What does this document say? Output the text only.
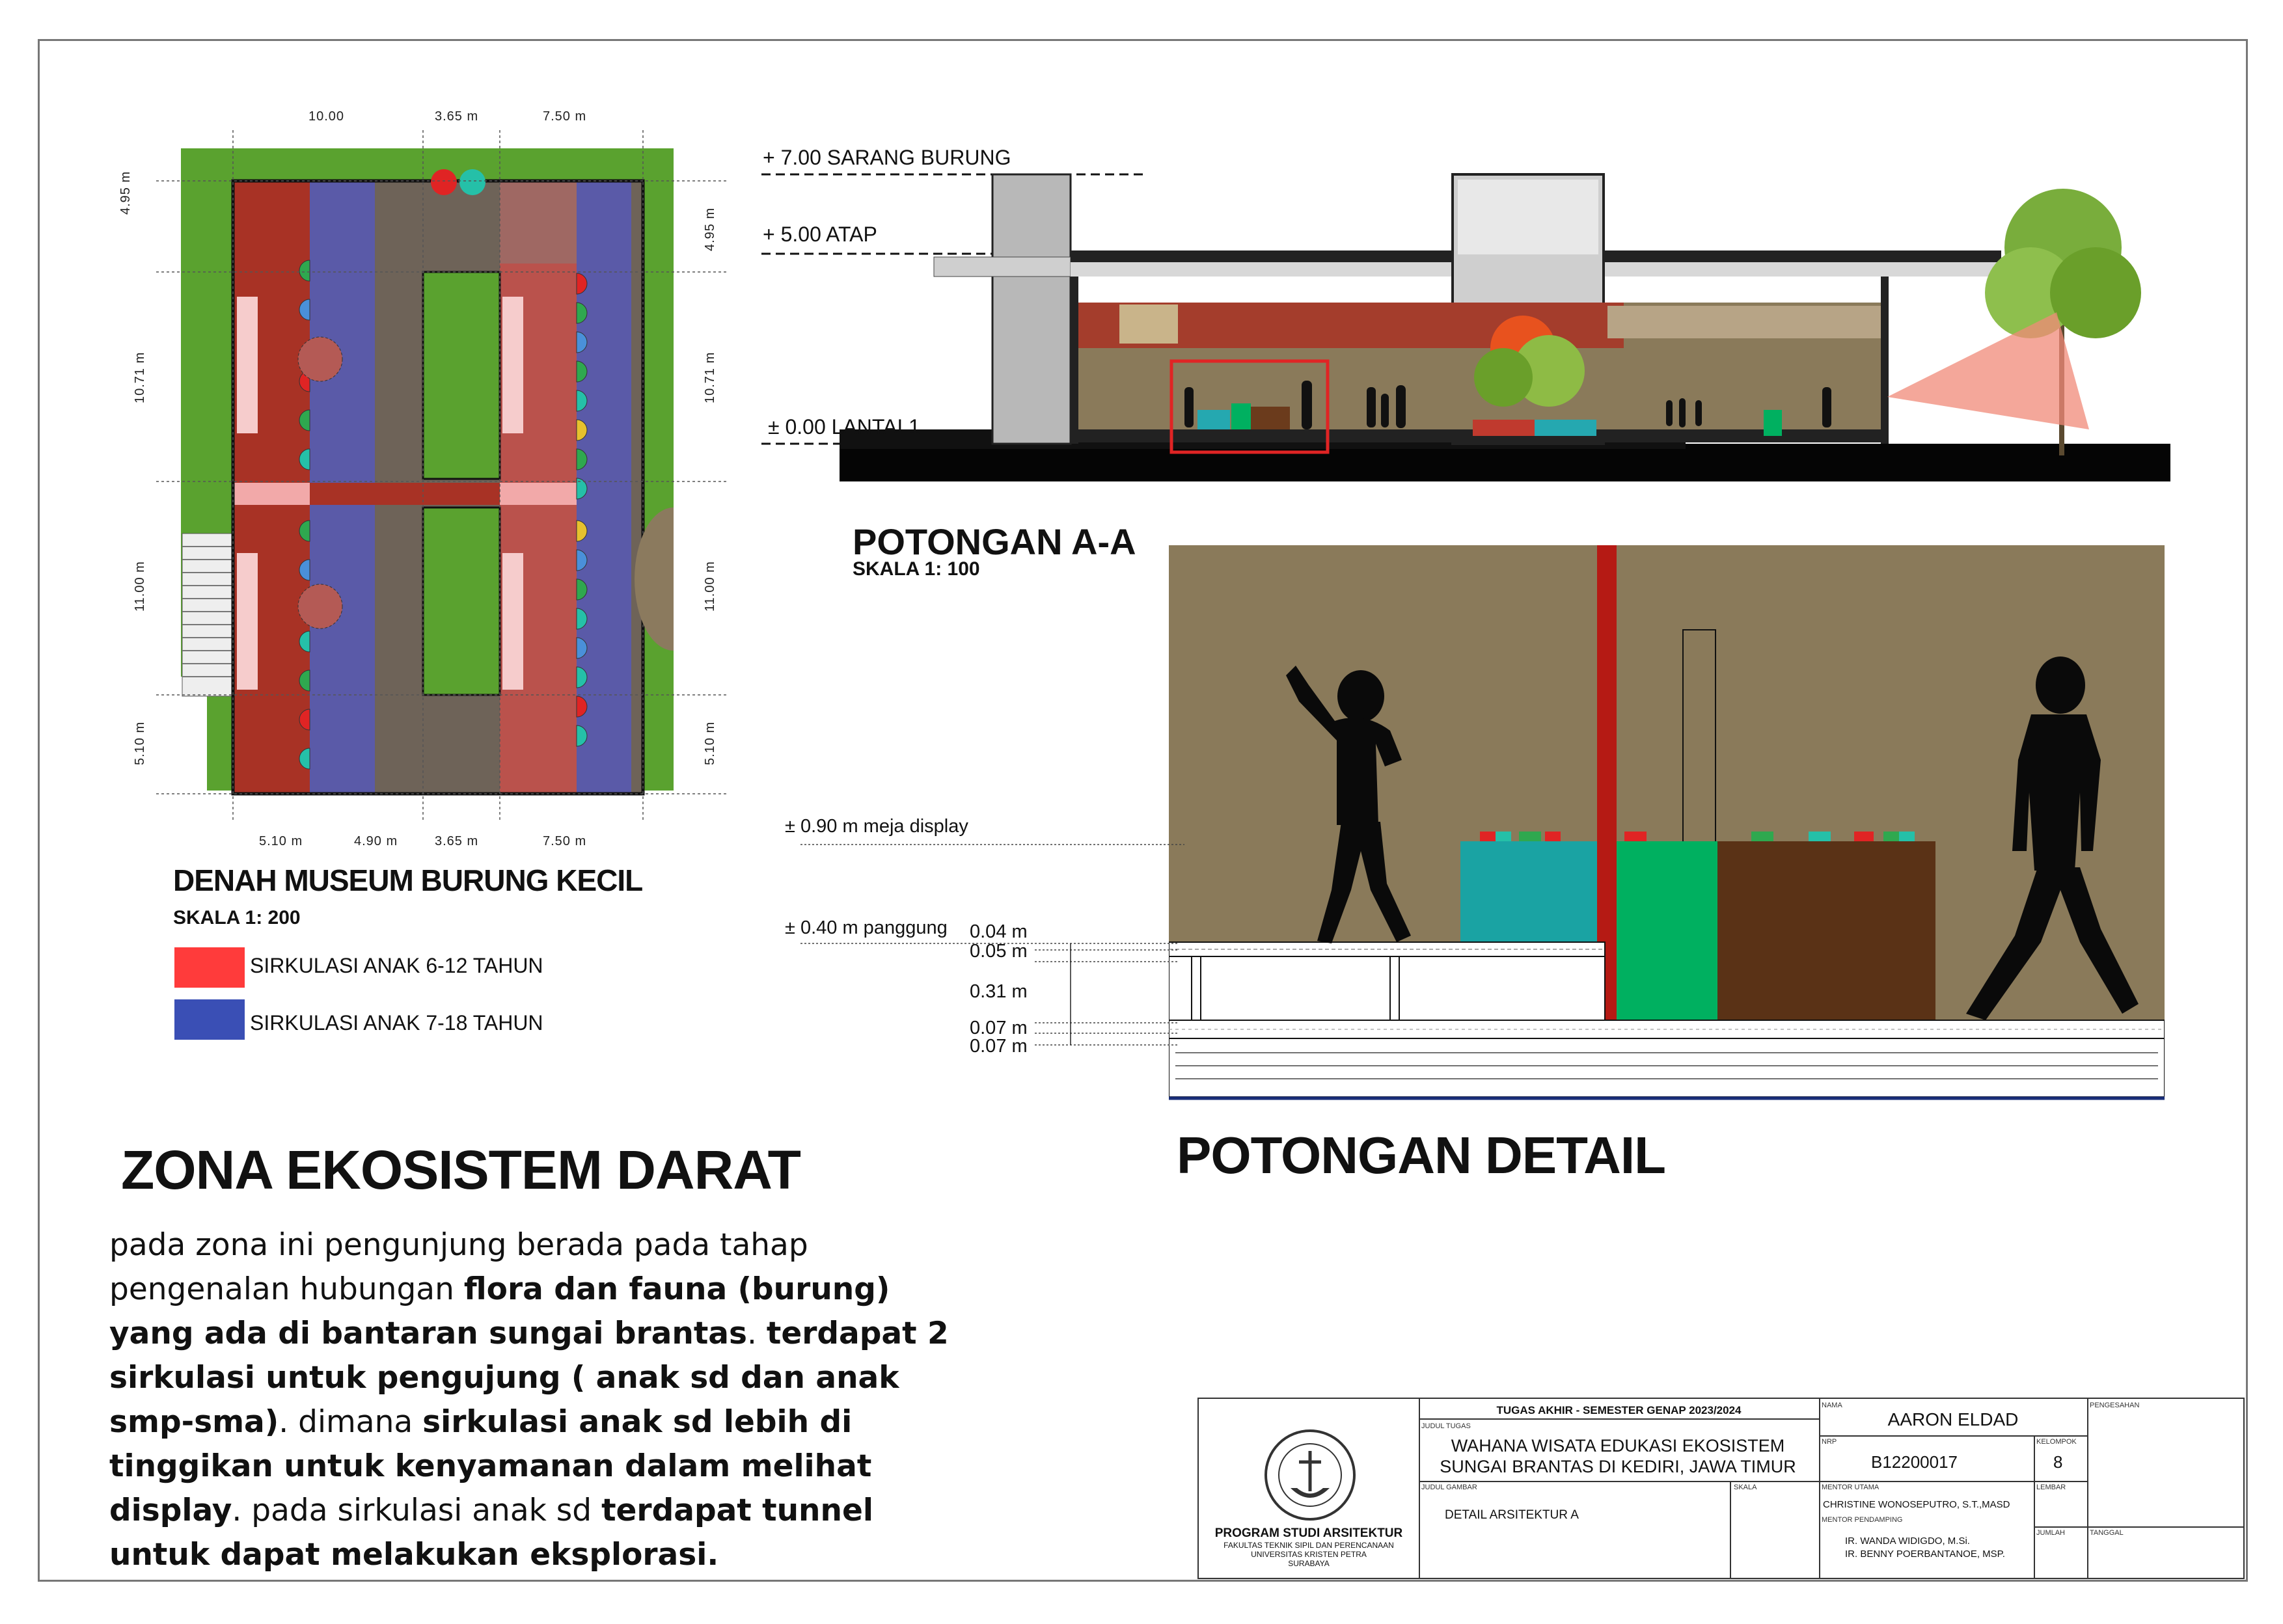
10.00	3.65 m	7.50 m
5.10 m	4.90 m	3.65 m	7.50 m
4.95 m
10.71 m
11.00 m
5.10 m
4.95 m
10.71 m
11.00 m
5.10 m
DENAH MUSEUM BURUNG KECIL
SKALA 1: 200
SIRKULASI ANAK 6-12 TAHUN
SIRKULASI ANAK 7-18 TAHUN
+ 7.00 SARANG BURUNG
+ 5.00 ATAP
± 0.00 LANTAI 1
POTONGAN A-A
SKALA 1: 100
± 0.90 m meja display
± 0.40 m panggung 0.04 m
0.05 m
0.31 m
0.07 m
0.07 m
POTONGAN DETAIL
ZONA EKOSISTEM DARAT
pada zona ini pengunjung berada pada tahap pengenalan hubungan flora dan fauna (burung) yang ada di bantaran sungai brantas. terdapat 2 sirkulasi untuk pengujung ( anak sd dan anak smp-sma). dimana sirkulasi anak sd lebih di tinggikan untuk kenyamanan dalam melihat display. pada sirkulasi anak sd terdapat tunnel untuk dapat melakukan eksplorasi.
PROGRAM STUDI ARSITEKTUR
FAKULTAS TEKNIK SIPIL DAN PERENCANAAN
UNIVERSITAS KRISTEN PETRA
SURABAYA
TUGAS AKHIR - SEMESTER GENAP 2023/2024
JUDUL TUGAS
WAHANA WISATA EDUKASI EKOSISTEM SUNGAI BRANTAS DI KEDIRI, JAWA TIMUR
JUDUL GAMBAR
DETAIL ARSITEKTUR A
SKALA
NAMA
AARON ELDAD
NRP
B12200017
KELOMPOK
8
MENTOR UTAMA
CHRISTINE WONOSEPUTRO, S.T.,MASD
LEMBAR
MENTOR PENDAMPING
IR. WANDA WIDIGDO, M.Si.
IR. BENNY POERBANTANOE, MSP.
JUMLAH
PENGESAHAN
TANGGAL
